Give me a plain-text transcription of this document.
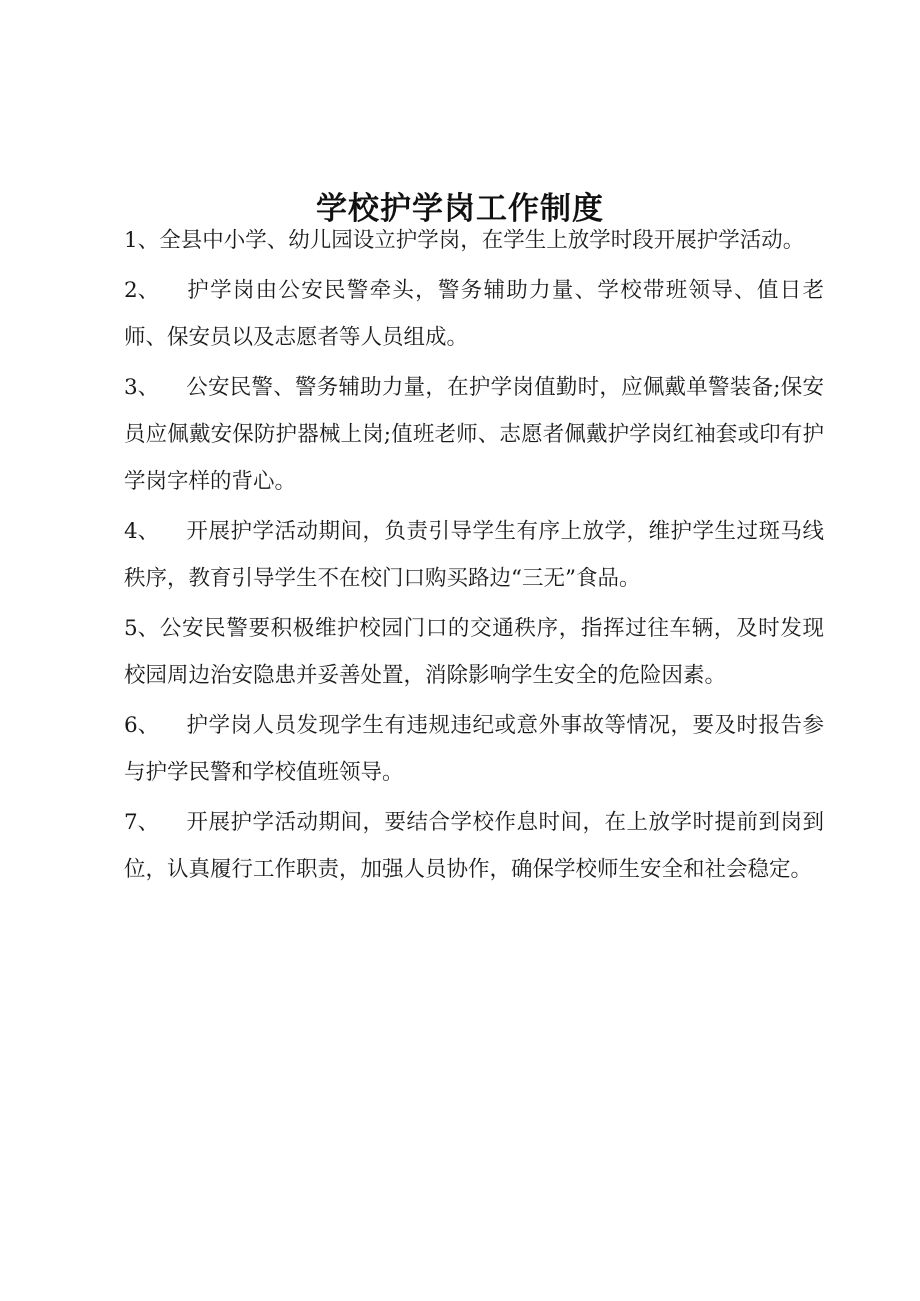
学校护学岗工作制度

1、全县中小学、幼儿园设立护学岗，在学生上放学时段开展护学活动。

2、 护学岗由公安民警牵头，警务辅助力量、学校带班领导、值日老师、保安员以及志愿者等人员组成。

3、 公安民警、警务辅助力量，在护学岗值勤时，应佩戴单警装备;保安员应佩戴安保防护器械上岗;值班老师、志愿者佩戴护学岗红袖套或印有护学岗字样的背心。

4、 开展护学活动期间，负责引导学生有序上放学，维护学生过斑马线秩序，教育引导学生不在校门口购买路边“三无”食品。

5、公安民警要积极维护校园门口的交通秩序，指挥过往车辆，及时发现校园周边治安隐患并妥善处置，消除影响学生安全的危险因素。

6、 护学岗人员发现学生有违规违纪或意外事故等情况，要及时报告参与护学民警和学校值班领导。

7、 开展护学活动期间，要结合学校作息时间，在上放学时提前到岗到位，认真履行工作职责，加强人员协作，确保学校师生安全和社会稳定。
